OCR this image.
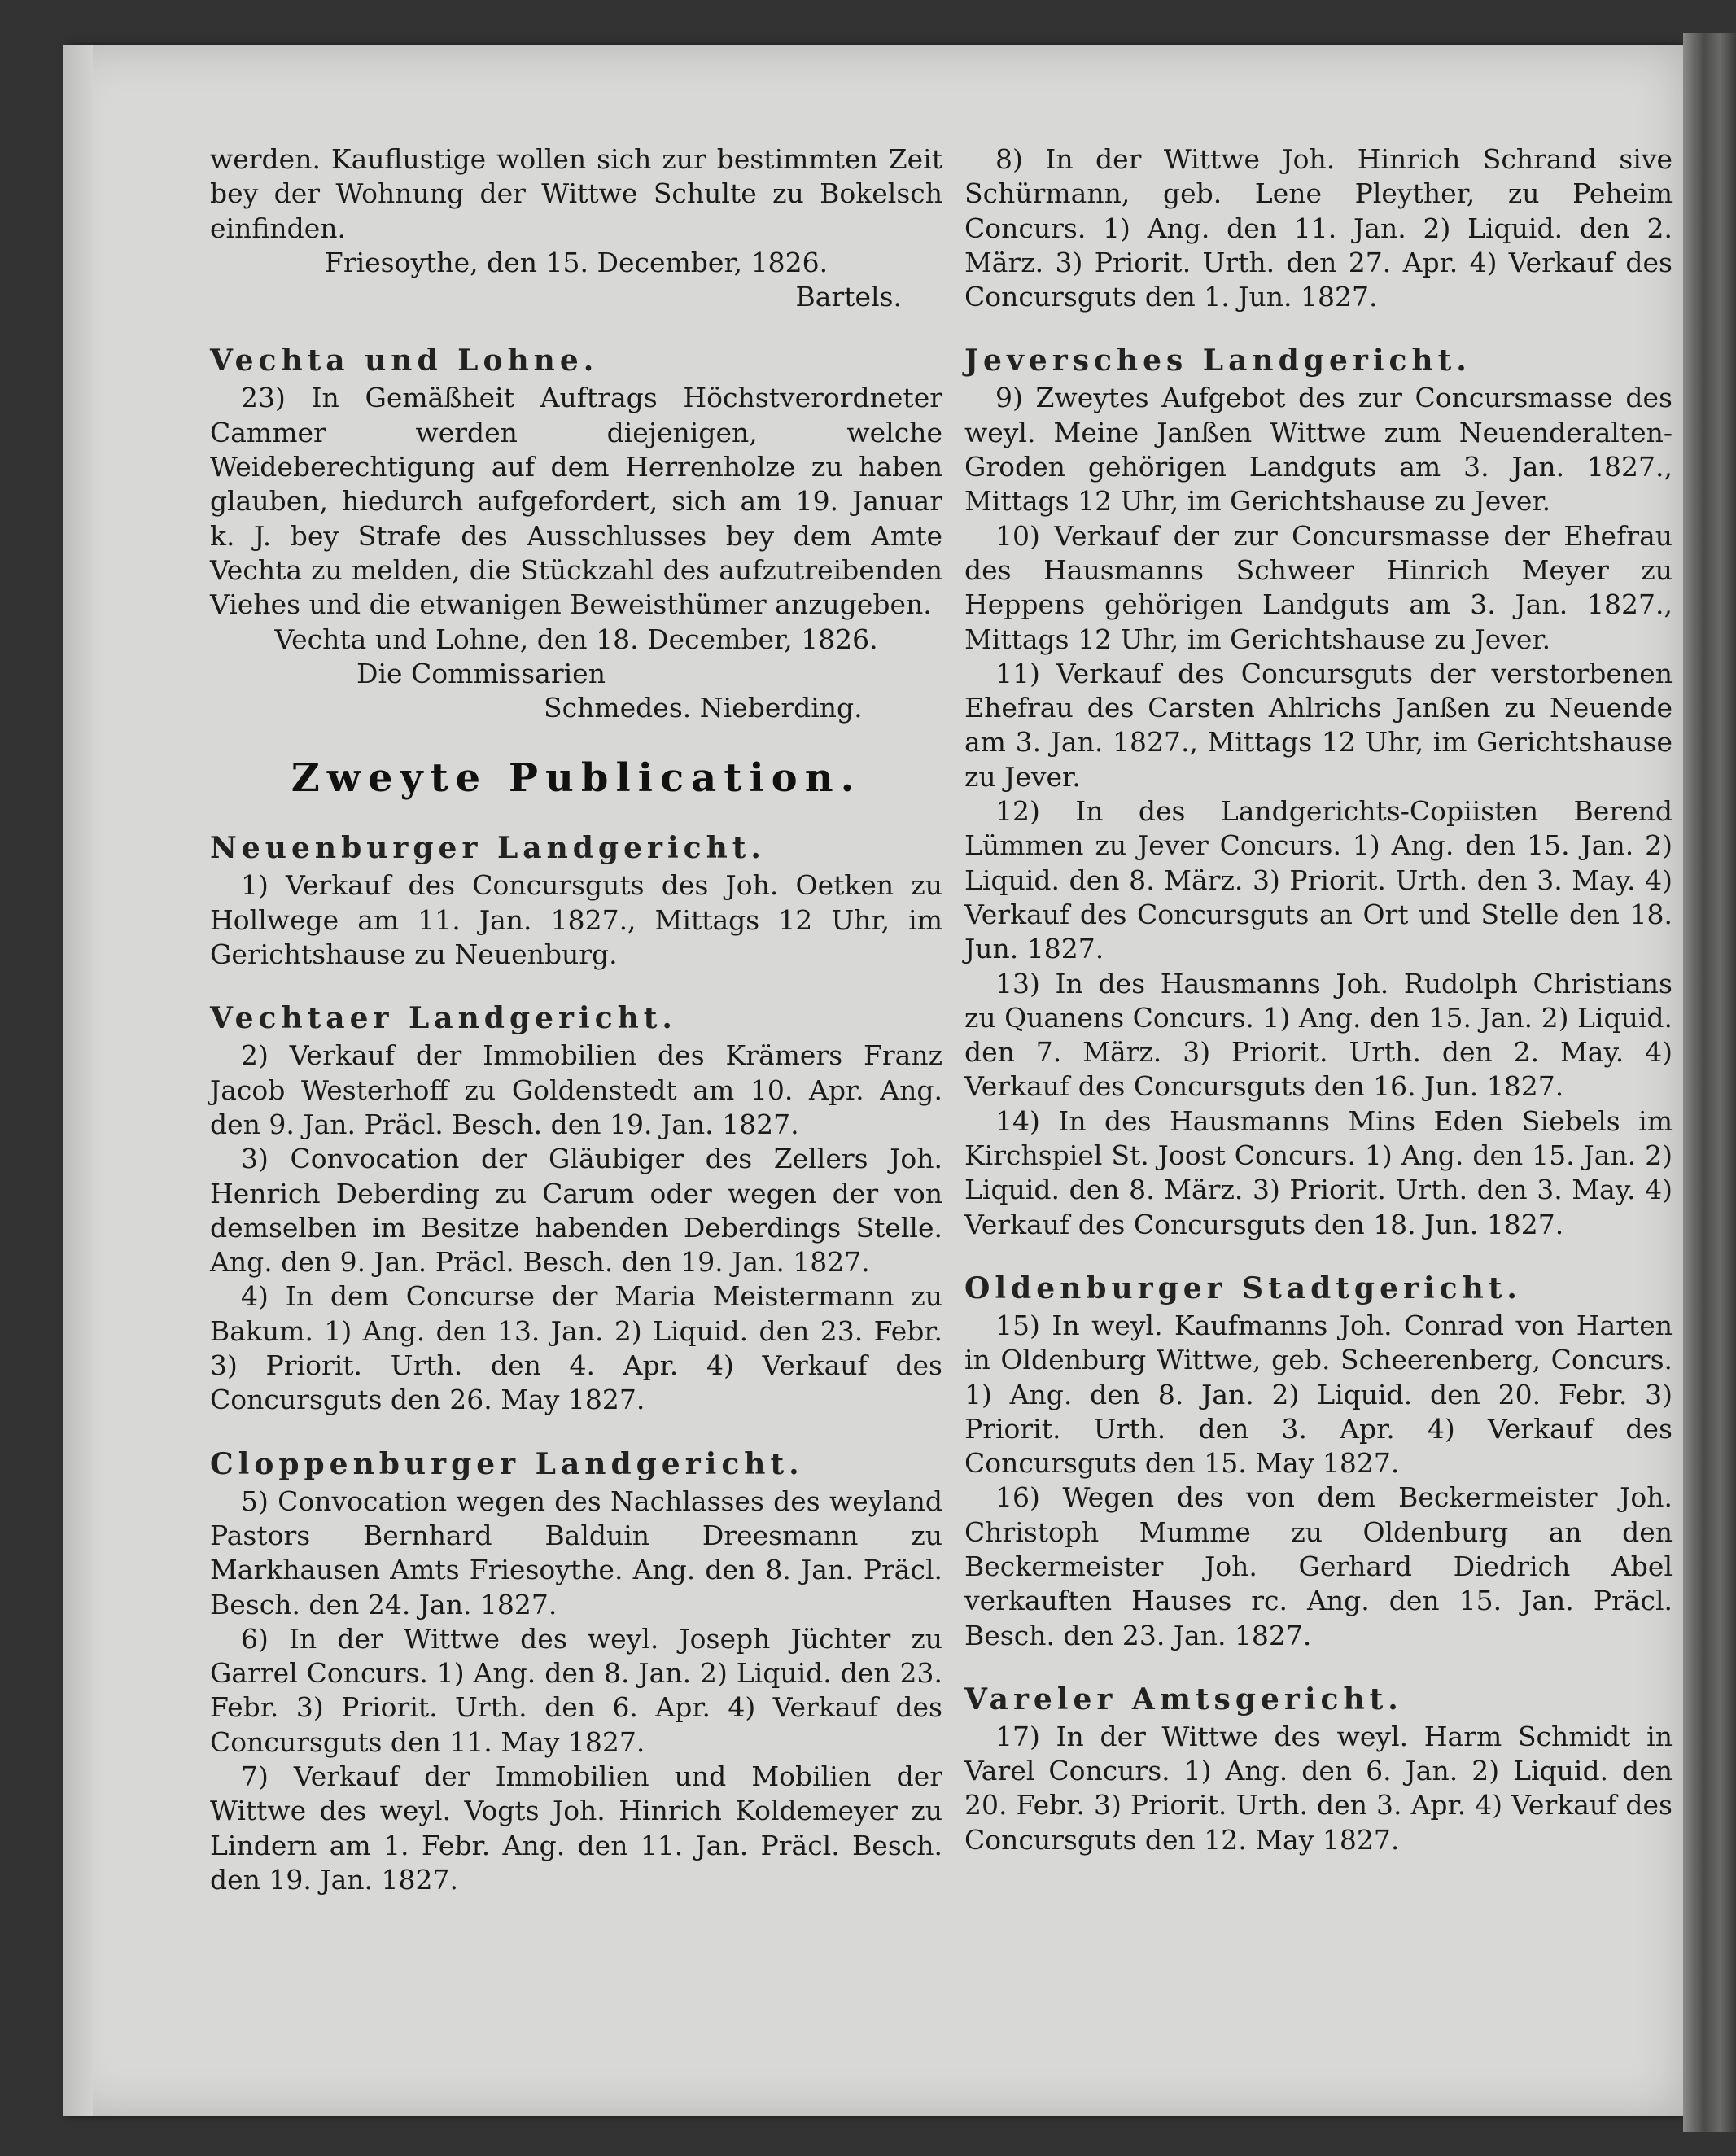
werden. Kauflustige wollen sich zur bestimmten Zeit bey der Wohnung der Wittwe Schulte zu Bokelsch einfinden.

Friesoythe, den 15. December, 1826.

Bartels.

Vechta und Lohne.

23) In Gemäßheit Auftrags Höchstverordneter Cammer werden diejenigen, welche Weideberechtigung auf dem Herrenholze zu haben glauben, hiedurch aufgefordert, sich am 19. Januar k. J. bey Strafe des Ausschlusses bey dem Amte Vechta zu melden, die Stückzahl des aufzutreibenden Viehes und die etwanigen Beweisthümer anzugeben.

Vechta und Lohne, den 18. December, 1826.

Die Commissarien

Schmedes. Nieberding.

Zweyte Publication.
Neuenburger Landgericht.

1) Verkauf des Concursguts des Joh. Oetken zu Hollwege am 11. Jan. 1827., Mittags 12 Uhr, im Gerichtshause zu Neuenburg.

Vechtaer Landgericht.

2) Verkauf der Immobilien des Krämers Franz Jacob Westerhoff zu Goldenstedt am 10. Apr. Ang. den 9. Jan. Präcl. Besch. den 19. Jan. 1827.

3) Convocation der Gläubiger des Zellers Joh. Henrich Deberding zu Carum oder wegen der von demselben im Besitze habenden Deberdings Stelle. Ang. den 9. Jan. Präcl. Besch. den 19. Jan. 1827.

4) In dem Concurse der Maria Meistermann zu Bakum. 1) Ang. den 13. Jan. 2) Liquid. den 23. Febr. 3) Priorit. Urth. den 4. Apr. 4) Verkauf des Concursguts den 26. May 1827.

Cloppenburger Landgericht.

5) Convocation wegen des Nachlasses des weyland Pastors Bernhard Balduin Dreesmann zu Markhausen Amts Friesoythe. Ang. den 8. Jan. Präcl. Besch. den 24. Jan. 1827.

6) In der Wittwe des weyl. Joseph Jüchter zu Garrel Concurs. 1) Ang. den 8. Jan. 2) Liquid. den 23. Febr. 3) Priorit. Urth. den 6. Apr. 4) Verkauf des Concursguts den 11. May 1827.

7) Verkauf der Immobilien und Mobilien der Wittwe des weyl. Vogts Joh. Hinrich Koldemeyer zu Lindern am 1. Febr. Ang. den 11. Jan. Präcl. Besch. den 19. Jan. 1827.

8) In der Wittwe Joh. Hinrich Schrand sive Schürmann, geb. Lene Pleyther, zu Peheim Concurs. 1) Ang. den 11. Jan. 2) Liquid. den 2. März. 3) Priorit. Urth. den 27. Apr. 4) Verkauf des Concursguts den 1. Jun. 1827.

Jeversches Landgericht.

9) Zweytes Aufgebot des zur Concursmasse des weyl. Meine Janßen Wittwe zum Neuenderalten-Groden gehörigen Landguts am 3. Jan. 1827., Mittags 12 Uhr, im Gerichtshause zu Jever.

10) Verkauf der zur Concursmasse der Ehefrau des Hausmanns Schweer Hinrich Meyer zu Heppens gehörigen Landguts am 3. Jan. 1827., Mittags 12 Uhr, im Gerichtshause zu Jever.

11) Verkauf des Concursguts der verstorbenen Ehefrau des Carsten Ahlrichs Janßen zu Neuende am 3. Jan. 1827., Mittags 12 Uhr, im Gerichtshause zu Jever.

12) In des Landgerichts-Copiisten Berend Lümmen zu Jever Concurs. 1) Ang. den 15. Jan. 2) Liquid. den 8. März. 3) Priorit. Urth. den 3. May. 4) Verkauf des Concursguts an Ort und Stelle den 18. Jun. 1827.

13) In des Hausmanns Joh. Rudolph Christians zu Quanens Concurs. 1) Ang. den 15. Jan. 2) Liquid. den 7. März. 3) Priorit. Urth. den 2. May. 4) Verkauf des Concursguts den 16. Jun. 1827.

14) In des Hausmanns Mins Eden Siebels im Kirchspiel St. Joost Concurs. 1) Ang. den 15. Jan. 2) Liquid. den 8. März. 3) Priorit. Urth. den 3. May. 4) Verkauf des Concursguts den 18. Jun. 1827.

Oldenburger Stadtgericht.

15) In weyl. Kaufmanns Joh. Conrad von Harten in Oldenburg Wittwe, geb. Scheerenberg, Concurs. 1) Ang. den 8. Jan. 2) Liquid. den 20. Febr. 3) Priorit. Urth. den 3. Apr. 4) Verkauf des Concursguts den 15. May 1827.

16) Wegen des von dem Beckermeister Joh. Christoph Mumme zu Oldenburg an den Beckermeister Joh. Gerhard Diedrich Abel verkauften Hauses rc. Ang. den 15. Jan. Präcl. Besch. den 23. Jan. 1827.

Vareler Amtsgericht.

17) In der Wittwe des weyl. Harm Schmidt in Varel Concurs. 1) Ang. den 6. Jan. 2) Liquid. den 20. Febr. 3) Priorit. Urth. den 3. Apr. 4) Verkauf des Concursguts den 12. May 1827.
